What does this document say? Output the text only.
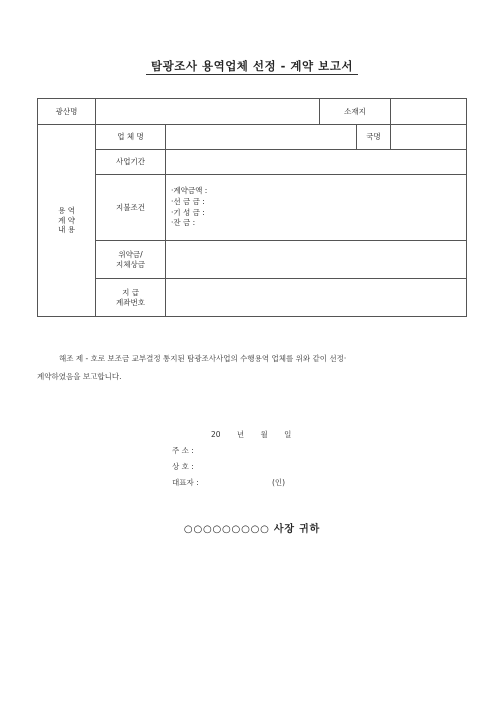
탐광조사 용역업체 선정 - 계약 보고서
광산명			소재지		
용 역
계 약
내 용	업 체 명			국명	
	사업기간				
	지불조건	·계약금액 :
·선 금 금 :
·기 성 금 :
·잔 금 :			

	위약금/
지체상금				
	지 급
계좌번호				
해조 제 - 호로 보조금 교부결정 통지된 탐광조사사업의 수행용역 업체를 위와 같이 선정·
계약하였음을 보고합니다.
20 년 월 일
주 소 :
상 호 :
대표자 :	(인)
○○○○○○○○○ 사장 귀하
